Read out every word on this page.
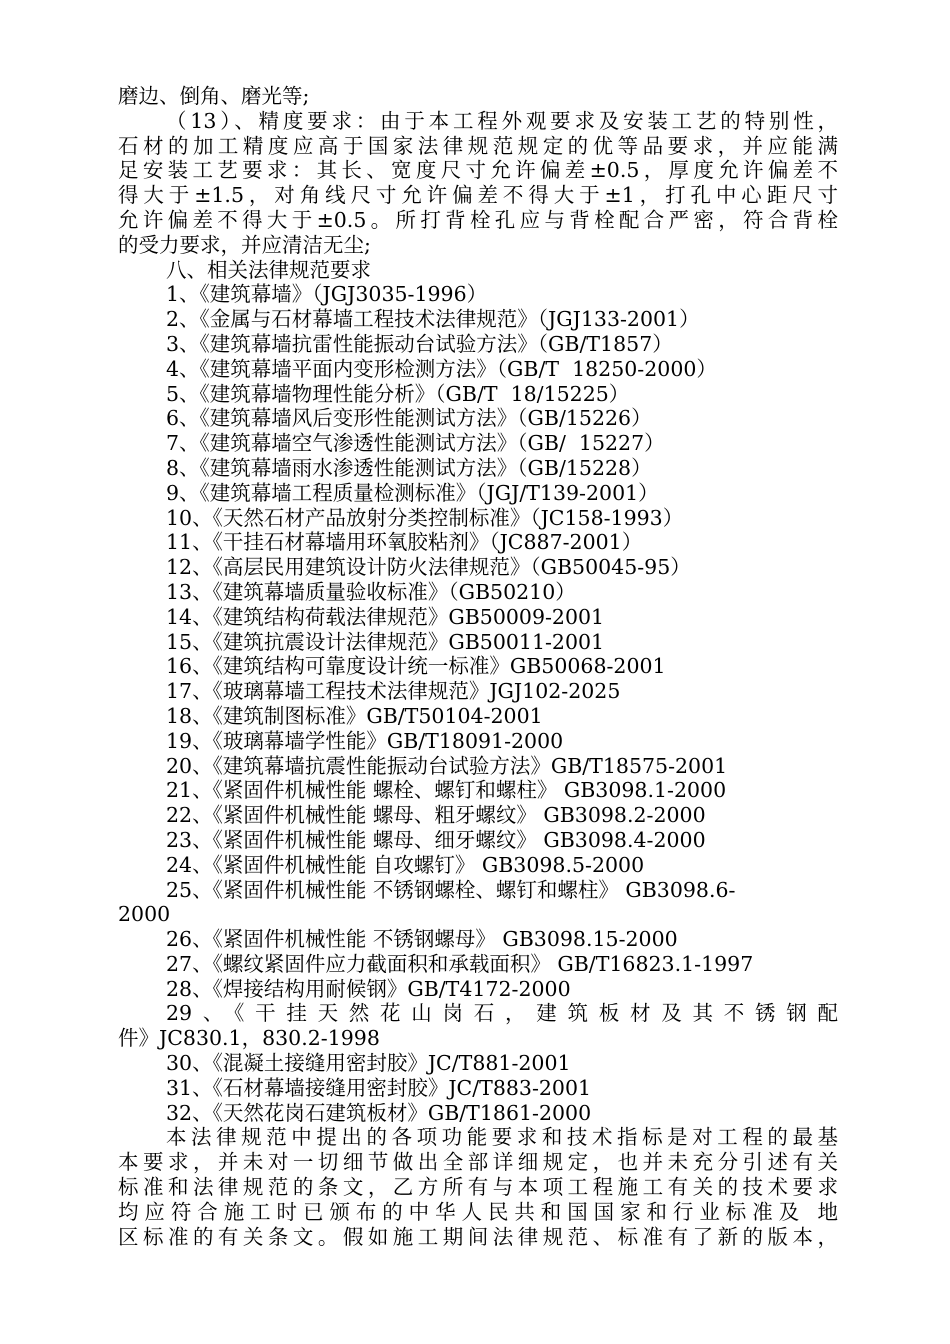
磨边、倒角、磨光等;
（13）、精度要求：由于本工程外观要求及安装工艺的特别性，
石材的加工精度应高于国家法律规范规定的优等品要求，并应能满
足安装工艺要求：其长、宽度尺寸允许偏差±0.5，厚度允许偏差不
得大于±1.5，对角线尺寸允许偏差不得大于±1，打孔中心距尺寸
允许偏差不得大于±0.5。所打背栓孔应与背栓配合严密，符合背栓
的受力要求，并应清洁无尘;
八、相关法律规范要求
1、《建筑幕墙》（JGJ3035-1996）
2、《金属与石材幕墙工程技术法律规范》（JGJ133-2001）
3、《建筑幕墙抗雷性能振动台试验方法》（GB/T1857）
4、《建筑幕墙平面内变形检测方法》（GB/T  18250-2000）
5、《建筑幕墙物理性能分析》（GB/T  18/15225）
6、《建筑幕墙风后变形性能测试方法》（GB/15226）
7、《建筑幕墙空气渗透性能测试方法》（GB/  15227）
8、《建筑幕墙雨水渗透性能测试方法》（GB/15228）
9、《建筑幕墙工程质量检测标准》（JGJ/T139-2001）
10、《天然石材产品放射分类控制标准》（JC158-1993）
11、《干挂石材幕墙用环氧胶粘剂》（JC887-2001）
12、《高层民用建筑设计防火法律规范》（GB50045-95）
13、《建筑幕墙质量验收标准》（GB50210）
14、《建筑结构荷载法律规范》GB50009-2001
15、《建筑抗震设计法律规范》GB50011-2001
16、《建筑结构可靠度设计统一标准》GB50068-2001
17、《玻璃幕墙工程技术法律规范》JGJ102-2025
18、《建筑制图标准》GB/T50104-2001
19、《玻璃幕墙学性能》GB/T18091-2000
20、《建筑幕墙抗震性能振动台试验方法》GB/T18575-2001
21、《紧固件机械性能 螺栓、螺钉和螺柱》 GB3098.1-2000
22、《紧固件机械性能 螺母、粗牙螺纹》 GB3098.2-2000
23、《紧固件机械性能 螺母、细牙螺纹》 GB3098.4-2000
24、《紧固件机械性能 自攻螺钉》 GB3098.5-2000
25、《紧固件机械性能 不锈钢螺栓、螺钉和螺柱》 GB3098.6-
2000
26、《紧固件机械性能 不锈钢螺母》 GB3098.15-2000
27、《螺纹紧固件应力截面积和承载面积》 GB/T16823.1-1997
28、《焊接结构用耐候钢》GB/T4172-2000
29、《干挂天然花山岗石，建筑板材及其不锈钢配
件》JC830.1，830.2-1998
30、《混凝土接缝用密封胶》JC/T881-2001
31、《石材幕墙接缝用密封胶》JC/T883-2001
32、《天然花岗石建筑板材》GB/T1861-2000
本法律规范中提出的各项功能要求和技术指标是对工程的最基
本要求，并未对一切细节做出全部详细规定，也并未充分引述有关
标准和法律规范的条文，乙方所有与本项工程施工有关的技术要求
均应符合施工时已颁布的中华人民共和国国家和行业标准及 地
区标准的有关条文。假如施工期间法律规范、标准有了新的版本，
